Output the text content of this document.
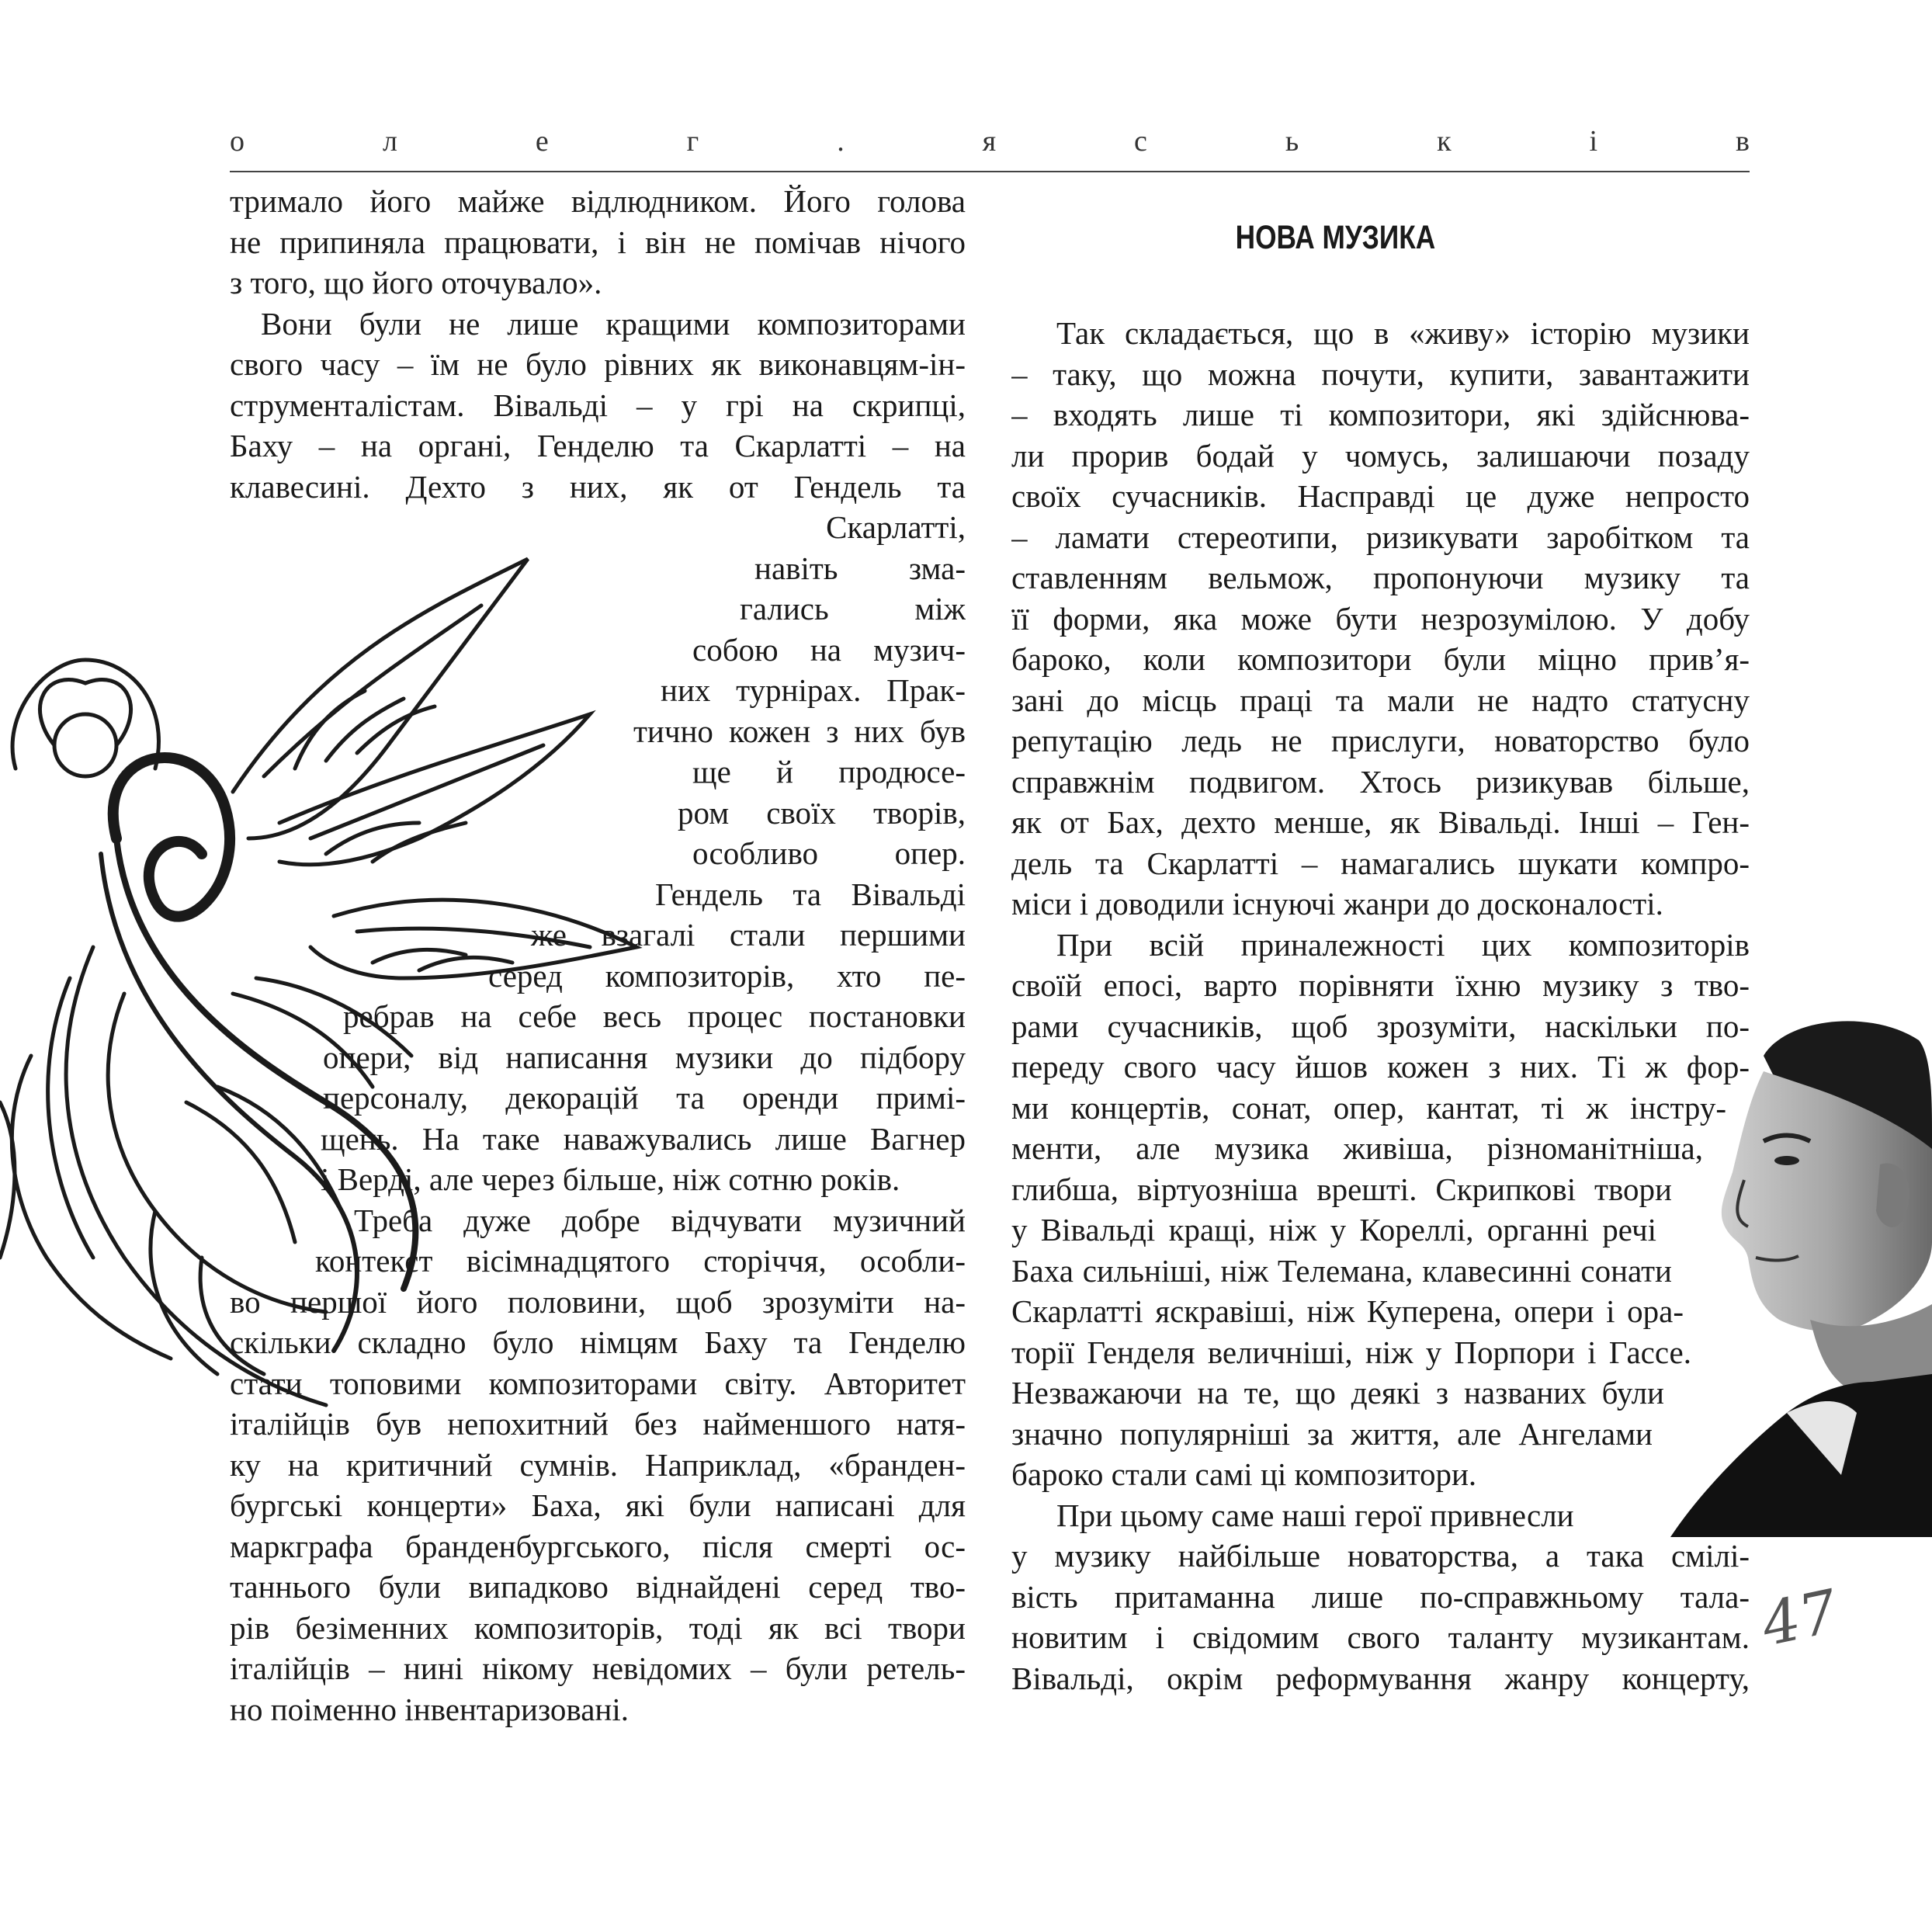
о	л	е	г	.	я	с	ь	к	і	в
тримало його майже відлюдником. Його голова
не припиняла працювати, і він не помічав нічого
з того, що його оточувало».
Вони були не лише кращими композиторами
свого часу – їм не було рівних як виконавцям-ін-
струменталістам. Вівальді – у грі на скрипці,
Баху – на органі, Генделю та Скарлатті – на
клавесині. Дехто з них, як от Гендель та
Скарлатті,
навіть зма-
гались між
собою на музич-
них турнірах. Прак-
тично кожен з них був
ще й продюсе-
ром своїх творів,
особливо опер.
Гендель та Вівальді
же взагалі стали першими
серед композиторів, хто пе-
ребрав на себе весь процес постановки
опери, від написання музики до підбору
персоналу, декорацій та оренди примі-
щень. На таке наважувались лише Вагнер
і Верді, але через більше, ніж сотню років.
Треба дуже добре відчувати музичний
контекст вісімнадцятого сторіччя, особли-
во першої його половини, щоб зрозуміти на-
скільки складно було німцям Баху та Генделю
стати топовими композиторами світу. Авторитет
італійців був непохитний без найменшого натя-
ку на критичний сумнів. Наприклад, «бранден-
бургські концерти» Баха, які були написані для
маркграфа бранденбургського, після смерті ос-
таннього були випадково віднайдені серед тво-
рів безіменних композиторів, тоді як всі твори
італійців – нині нікому невідомих – були ретель-
но поіменно інвентаризовані.
НОВА МУЗИКА
Так складається, що в «живу» історію музики
– таку, що можна почути, купити, завантажити
– входять лише ті композитори, які здійснюва-
ли прорив бодай у чомусь, залишаючи позаду
своїх сучасників. Насправді це дуже непросто
– ламати стереотипи, ризикувати заробітком та
ставленням вельмож, пропонуючи музику та
її форми, яка може бути незрозумілою. У добу
бароко, коли композитори були міцно прив’я-
зані до місць праці та мали не надто статусну
репутацію ледь не прислуги, новаторство було
справжнім подвигом. Хтось ризикував більше,
як от Бах, дехто менше, як Вівальді. Інші – Ген-
дель та Скарлатті – намагались шукати компро-
міси і доводили існуючі жанри до досконалості.
При всій приналежності цих композиторів
своїй епосі, варто порівняти їхню музику з тво-
рами сучасників, щоб зрозуміти, наскільки по-
переду свого часу йшов кожен з них. Ті ж фор-
ми концертів, сонат, опер, кантат, ті ж інстру-
менти, але музика живіша, різноманітніша,
глибша, віртуозніша врешті. Скрипкові твори
у Вівальді кращі, ніж у Кореллі, органні речі
Баха сильніші, ніж Телемана, клавесинні сонати
Скарлатті яскравіші, ніж Куперена, опери і ора-
торії Генделя величніші, ніж у Порпори і Гассе.
Незважаючи на те, що деякі з названих були
значно популярніші за життя, але Ангелами
бароко стали самі ці композитори.
При цьому саме наші герої привнесли
у музику найбільше новаторства, а така смілі-
вість притаманна лише по-справжньому тала-
новитим і свідомим свого таланту музикантам.
Вівальді, окрім реформування жанру концерту,
47
